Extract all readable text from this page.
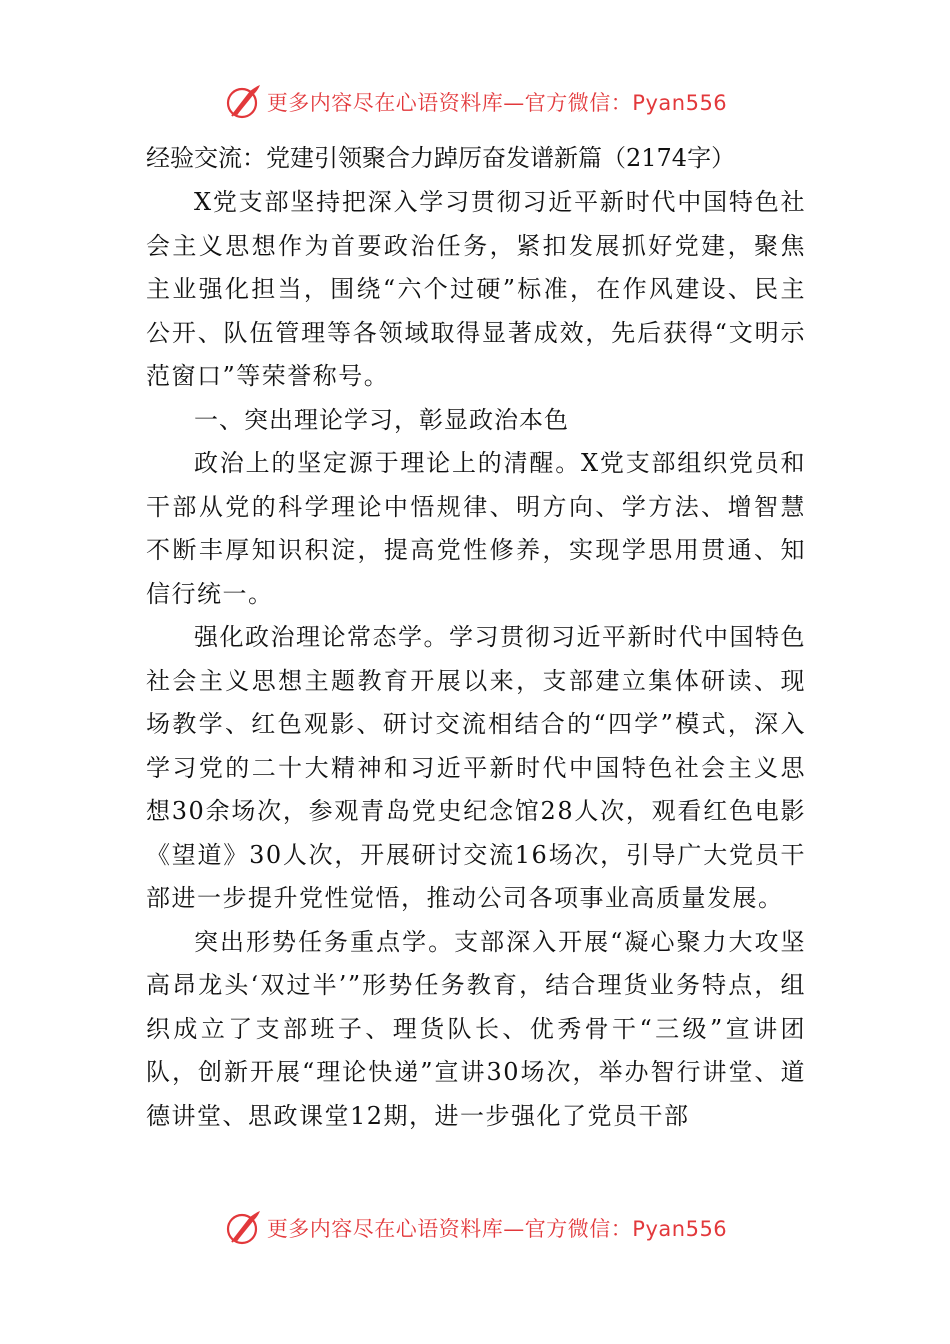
更多内容尽在心语资料库—官方微信：Pyan556
经验交流：党建引领聚合力踔厉奋发谱新篇（2174字）

X党支部坚持把深入学习贯彻习近平新时代中国特色社会主义思想作为首要政治任务，紧扣发展抓好党建，聚焦主业强化担当，围绕“六个过硬”标准，在作风建设、民主公开、队伍管理等各领域取得显著成效，先后获得“文明示范窗口”等荣誉称号。

一、突出理论学习，彰显政治本色

政治上的坚定源于理论上的清醒。X党支部组织党员和干部从党的科学理论中悟规律、明方向、学方法、增智慧不断丰厚知识积淀，提高党性修养，实现学思用贯通、知信行统一。

强化政治理论常态学。学习贯彻习近平新时代中国特色社会主义思想主题教育开展以来，支部建立集体研读、现场教学、红色观影、研讨交流相结合的“四学”模式，深入学习党的二十大精神和习近平新时代中国特色社会主义思想30余场次，参观青岛党史纪念馆28人次，观看红色电影《望道》30人次，开展研讨交流16场次，引导广大党员干部进一步提升党性觉悟，推动公司各项事业高质量发展。

突出形势任务重点学。支部深入开展“凝心聚力大攻坚高昂龙头‘双过半’”形势任务教育，结合理货业务特点，组织成立了支部班子、理货队长、优秀骨干“三级”宣讲团队，创新开展“理论快递”宣讲30场次，举办智行讲堂、道德讲堂、思政课堂12期，进一步强化了党员干部

更多内容尽在心语资料库—官方微信：Pyan556
